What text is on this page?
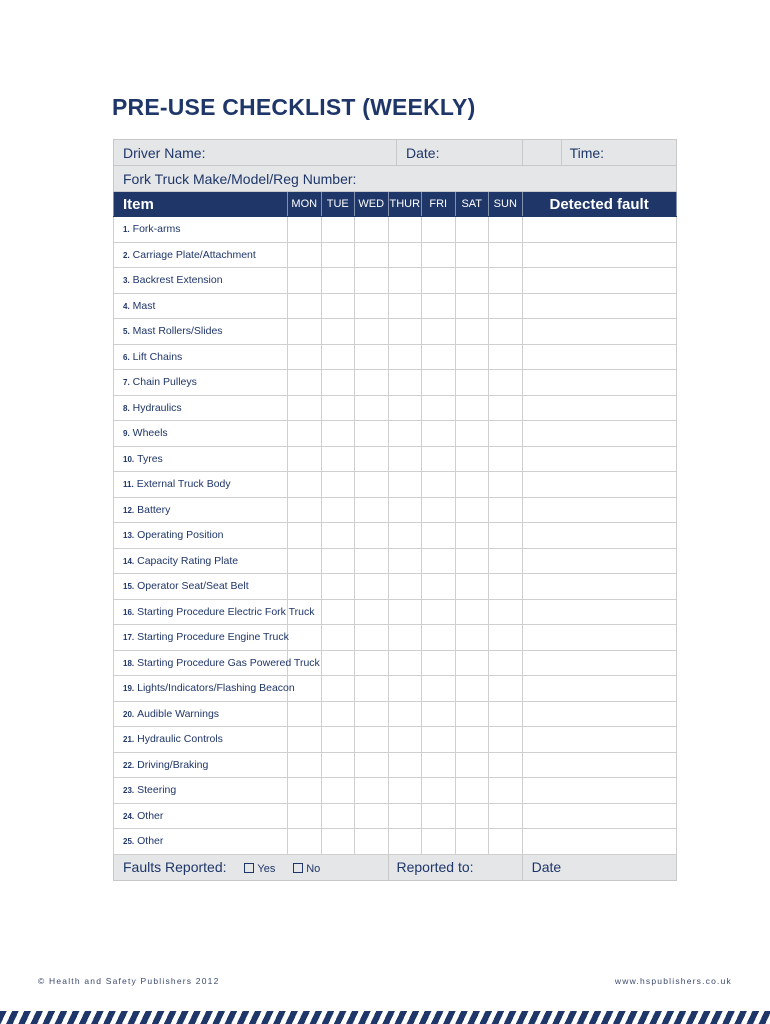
PRE-USE CHECKLIST (WEEKLY)
Driver Name: Date:								Time:

Fork Truck Make/Model/Reg Number:								
Item	MON	TUE	WED	THUR	FRI	SAT	SUN	Detected fault
1. Fork-arms								
2. Carriage Plate/Attachment								
3. Backrest Extension								
4. Mast								
5. Mast Rollers/Slides								
6. Lift Chains								
7. Chain Pulleys								
8. Hydraulics								
9. Wheels								
10. Tyres								
11. External Truck Body								
12. Battery								
13. Operating Position								
14. Capacity Rating Plate								
15. Operator Seat/Seat Belt								
16. Starting Procedure Electric Fork Truck								
17. Starting Procedure Engine Truck								
18. Starting Procedure Gas Powered Truck								
19. Lights/Indicators/Flashing Beacon								
20. Audible Warnings								
21. Hydraulic Controls								
22. Driving/Braking								
23. Steering								
24. Other								
25. Other								
Faults Reported: Yes No				Reported to:				Date
© Health and Safety Publishers 2012	www.hspublishers.co.uk
